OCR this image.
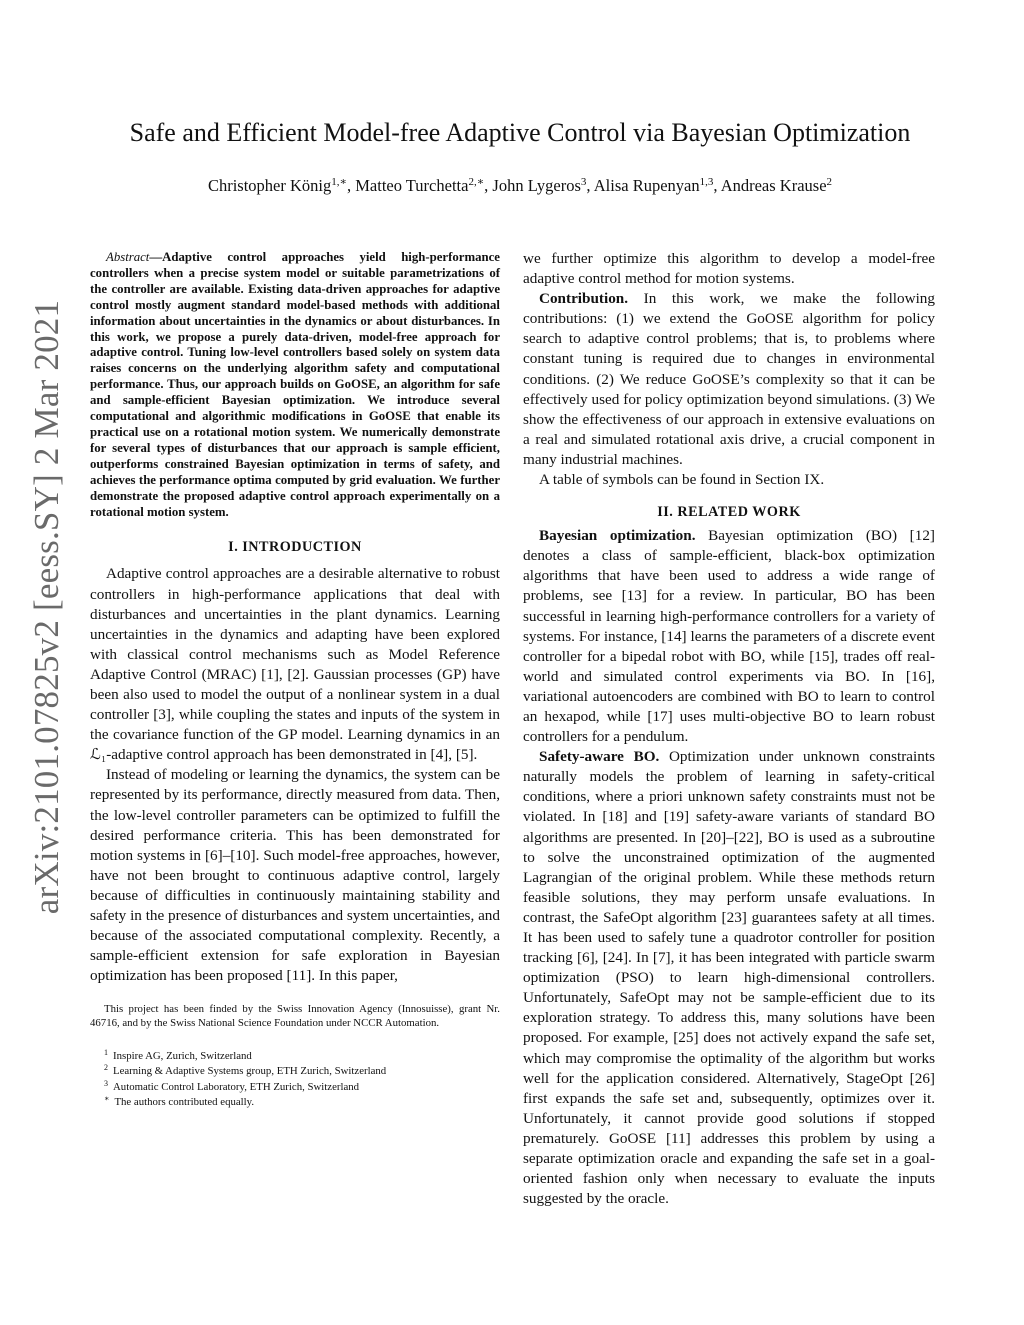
arXiv:2101.07825v2 [eess.SY] 2 Mar 2021
Safe and Efficient Model-free Adaptive Control via Bayesian Optimization
Christopher König$^{1,∗}$, Matteo Turchetta$^{2,∗}$, John Lygeros$^3$, Alisa Rupenyan$^{1,3}$, Andreas Krause$^2$

Abstract—Adaptive control approaches yield high-performance controllers when a precise system model or suitable parametrizations of the controller are available. Existing data-driven approaches for adaptive control mostly augment standard model-based methods with additional information about uncertainties in the dynamics or about disturbances. In this work, we propose a purely data-driven, model-free approach for adaptive control. Tuning low-level controllers based solely on system data raises concerns on the underlying algorithm safety and computational performance. Thus, our approach builds on GoOSE, an algorithm for safe and sample-efficient Bayesian optimization. We introduce several computational and algorithmic modifications in GoOSE that enable its practical use on a rotational motion system. We numerically demonstrate for several types of disturbances that our approach is sample efficient, outperforms constrained Bayesian optimization in terms of safety, and achieves the performance optima computed by grid evaluation. We further demonstrate the proposed adaptive control approach experimentally on a rotational motion system.

I. INTRODUCTION

Adaptive control approaches are a desirable alternative to robust controllers in high-performance applications that deal with disturbances and uncertainties in the plant dynamics. Learning uncertainties in the dynamics and adapting have been explored with classical control mechanisms such as Model Reference Adaptive Control (MRAC) [1], [2]. Gaussian processes (GP) have been also used to model the output of a nonlinear system in a dual controller [3], while coupling the states and inputs of the system in the covariance function of the GP model. Learning dynamics in an ℒ₁-adaptive control approach has been demonstrated in [4], [5].

Instead of modeling or learning the dynamics, the system can be represented by its performance, directly measured from data. Then, the low-level controller parameters can be optimized to fulfill the desired performance criteria. This has been demonstrated for motion systems in [6]–[10]. Such model-free approaches, however, have not been brought to continuous adaptive control, largely because of difficulties in continuously maintaining stability and safety in the presence of disturbances and system uncertainties, and because of the associated computational complexity. Recently, a sample-efficient extension for safe exploration in Bayesian optimization has been proposed [11]. In this paper,

This project has been finded by the Swiss Innovation Agency (Innosuisse), grant Nr. 46716, and by the Swiss National Science Foundation under NCCR Automation.

$^1$ Inspire AG, Zurich, Switzerland

$^2$ Learning & Adaptive Systems group, ETH Zurich, Switzerland

$^3$ Automatic Control Laboratory, ETH Zurich, Switzerland

∗ The authors contributed equally.

we further optimize this algorithm to develop a model-free adaptive control method for motion systems.

Contribution. In this work, we make the following contributions: (1) we extend the GoOSE algorithm for policy search to adaptive control problems; that is, to problems where constant tuning is required due to changes in environmental conditions. (2) We reduce GoOSE’s complexity so that it can be effectively used for policy optimization beyond simulations. (3) We show the effectiveness of our approach in extensive evaluations on a real and simulated rotational axis drive, a crucial component in many industrial machines.

A table of symbols can be found in Section IX.

II. RELATED WORK

Bayesian optimization. Bayesian optimization (BO) [12] denotes a class of sample-efficient, black-box optimization algorithms that have been used to address a wide range of problems, see [13] for a review. In particular, BO has been successful in learning high-performance controllers for a variety of systems. For instance, [14] learns the parameters of a discrete event controller for a bipedal robot with BO, while [15], trades off real-world and simulated control experiments via BO. In [16], variational autoencoders are combined with BO to learn to control an hexapod, while [17] uses multi-objective BO to learn robust controllers for a pendulum.

Safety-aware BO. Optimization under unknown constraints naturally models the problem of learning in safety-critical conditions, where a priori unknown safety constraints must not be violated. In [18] and [19] safety-aware variants of standard BO algorithms are presented. In [20]–[22], BO is used as a subroutine to solve the unconstrained optimization of the augmented Lagrangian of the original problem. While these methods return feasible solutions, they may perform unsafe evaluations. In contrast, the SafeOpt algorithm [23] guarantees safety at all times. It has been used to safely tune a quadrotor controller for position tracking [6], [24]. In [7], it has been integrated with particle swarm optimization (PSO) to learn high-dimensional controllers. Unfortunately, SafeOpt may not be sample-efficient due to its exploration strategy. To address this, many solutions have been proposed. For example, [25] does not actively expand the safe set, which may compromise the optimality of the algorithm but works well for the application considered. Alternatively, StageOpt [26] first expands the safe set and, subsequently, optimizes over it. Unfortunately, it cannot provide good solutions if stopped prematurely. GoOSE [11] addresses this problem by using a separate optimization oracle and expanding the safe set in a goal-oriented fashion only when necessary to evaluate the inputs suggested by the oracle.
